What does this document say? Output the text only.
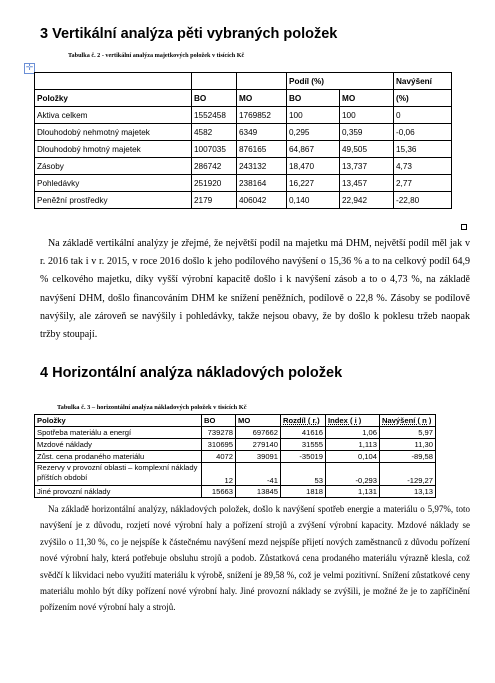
3 Vertikální analýza pěti vybraných položek
✛
Tabulka č. 2 - vertikální analýza majetkových položek v tisících Kč
			Podíl (%)		Navýšení
Položky	BO	MO	BO	MO	(%)
Aktiva celkem	1552458	1769852	100	100	0
Dlouhodobý nehmotný majetek	4582	6349	0,295	0,359	-0,06
Dlouhodobý hmotný majetek	1007035	876165	64,867	49,505	15,36
Zásoby	286742	243132	18,470	13,737	4,73
Pohledávky	251920	238164	16,227	13,457	2,77
Peněžní prostředky	2179	406042	0,140	22,942	-22,80
Na základě vertikální analýzy je zřejmé, že největší podíl na majetku má DHM, největší podíl měl jak v r. 2016 tak i v r. 2015, v roce 2016 došlo k jeho podílového navýšení o 15,36 % a to na celkový podíl 64,9 % celkového majetku, díky vyšší výrobní kapacitě došlo i k navýšení zásob a to o 4,73 %, na základě navýšení DHM, došlo financováním DHM ke snížení peněžních, podílově o 22,8 %. Zásoby se podílově navýšily, ale zároveň se navýšily i pohledávky, takže nejsou obavy, že by došlo k poklesu tržeb naopak tržby stoupají.
4 Horizontální analýza nákladových položek
Tabulka č. 3 – horizontální analýza nákladových položek v tisících Kč
Položky	BO	MO	Rozdíl ( r.)	Index ( i )	Navýšení ( n )
Spotřeba materiálu a energí	739278	697662	41616	1,06	5,97
Mzdové náklady	310695	279140	31555	1,113	11,30
Zůst. cena prodaného materiálu	4072	39091	-35019	0,104	-89,58
Rezervy v provozní oblasti – komplexní náklady příštích období	12	-41	53	-0,293	-129,27
Jiné provozní náklady	15663	13845	1818	1,131	13,13
Na základě horizontální analýzy, nákladových položek, došlo k navýšení spotřeb energie a materiálu o 5,97%, toto navýšení je z důvodu, rozjetí nové výrobní haly a pořízení strojů a zvýšení výrobní kapacity. Mzdové náklady se zvýšilo o 11,30 %, co je nejspíše k částečnému navýšení mezd nejspíše přijetí nových zaměstnanců z důvodu pořízení nové výrobní haly, která potřebuje obsluhu strojů a podob. Zůstatková cena prodaného materiálu výrazně klesla, což svědčí k likvidaci nebo využití materiálu k výrobě, snížení je 89,58 %, což je velmi pozitivní. Snížení zůstatkové ceny materiálu mohlo být díky pořízení nové výrobní haly. Jiné provozní náklady se zvýšili, je možné že je to zapříčinění pořízením nové výrobní haly a strojů.
